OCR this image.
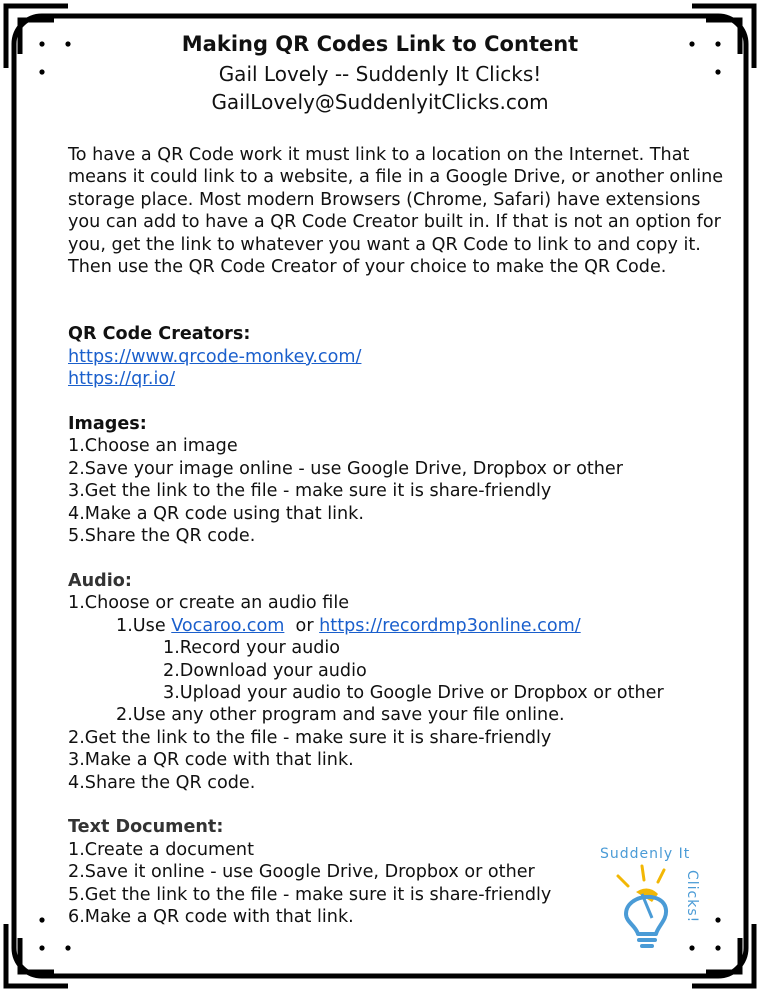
Making QR Codes Link to Content
Gail Lovely -- Suddenly It Clicks!
GailLovely@SuddenlyitClicks.com

To have a QR Code work it must link to a location on the Internet. That means it could link to a website, a file in a Google Drive, or another online storage place. Most modern Browsers (Chrome, Safari) have extensions you can add to have a QR Code Creator built in. If that is not an option for you, get the link to whatever you want a QR Code to link to and copy it. Then use the QR Code Creator of your choice to make the QR Code.

QR Code Creators:
https://www.qrcode-monkey.com/
https://qr.io/
Images:
1.Choose an image
2.Save your image online - use Google Drive, Dropbox or other
3.Get the link to the file - make sure it is share-friendly
4.Make a QR code using that link.
5.Share the QR code.
Audio:
1.Choose or create an audio file
1.Use Vocaroo.com  or https://recordmp3online.com/
1.Record your audio
2.Download your audio
3.Upload your audio to Google Drive or Dropbox or other
2.Use any other program and save your file online.
2.Get the link to the file - make sure it is share-friendly
3.Make a QR code with that link.
4.Share the QR code.
Text Document:
1.Create a document
2.Save it online - use Google Drive, Dropbox or other
5.Get the link to the file - make sure it is share-friendly
6.Make a QR code with that link.
Suddenly It
Clicks!
